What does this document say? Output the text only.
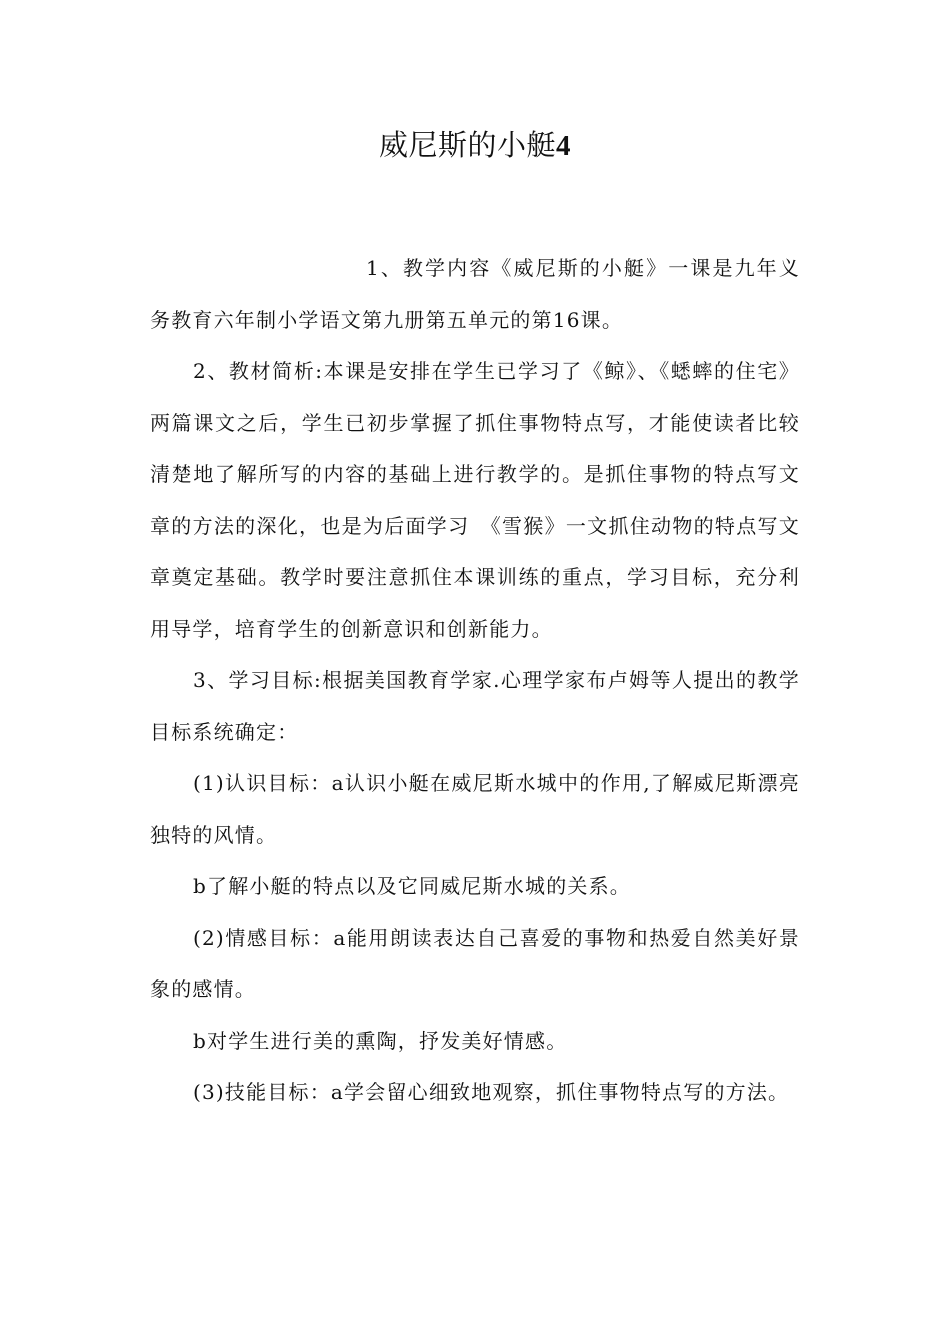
威尼斯的小艇4

1、教学内容《威尼斯的小艇》一课是九年义务教育六年制小学语文第九册第五单元的第16课。

2、教材简析:本课是安排在学生已学习了《鲸》、《蟋蟀的住宅》两篇课文之后，学生已初步掌握了抓住事物特点写，才能使读者比较清楚地了解所写的内容的基础上进行教学的。是抓住事物的特点写文章的方法的深化，也是为后面学习　《雪猴》一文抓住动物的特点写文章奠定基础。教学时要注意抓住本课训练的重点，学习目标，充分利用导学，培育学生的创新意识和创新能力。

3、学习目标:根据美国教育学家.心理学家布卢姆等人提出的教学目标系统确定：

(1)认识目标：a认识小艇在威尼斯水城中的作用,了解威尼斯漂亮独特的风情。

b了解小艇的特点以及它同威尼斯水城的关系。

(2)情感目标：a能用朗读表达自己喜爱的事物和热爱自然美好景象的感情。

b对学生进行美的熏陶，抒发美好情感。

(3)技能目标：a学会留心细致地观察，抓住事物特点写的方法。
